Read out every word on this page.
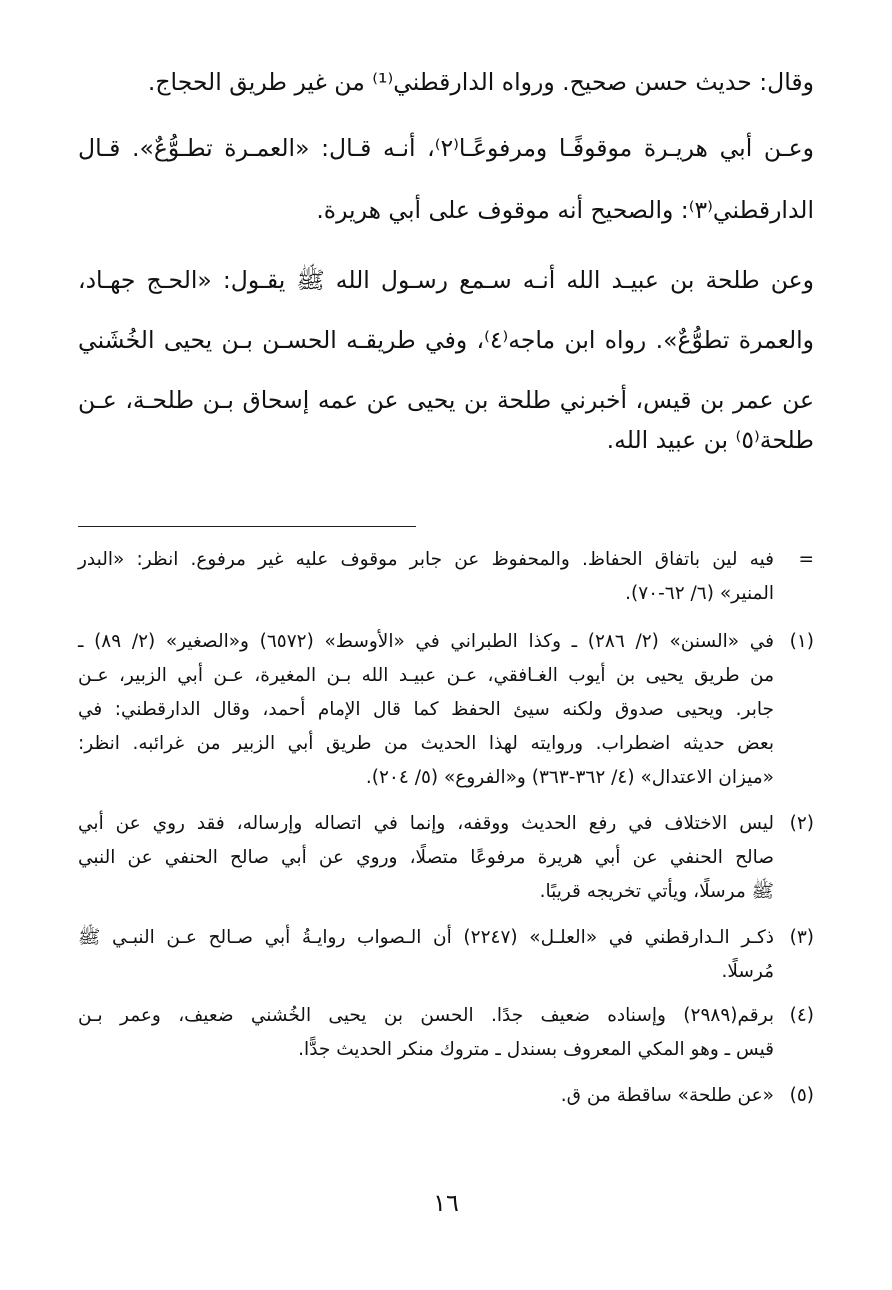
وقال: حديث حسن صحيح. ورواه الدارقطني⁽¹⁾ من غير طريق الحجاج.
وعـن أبي هريـرة موقوفًـا ومرفوعًـا⁽٢⁾، أنـه قـال: «العمـرة تطـوُّعٌ». قـال
الدارقطني⁽٣⁾: والصحيح أنه موقوف على أبي هريرة.
وعن طلحة بن عبيـد الله أنـه سـمع رسـول الله ﷺ يقـول: «الحـج جهـاد،
والعمرة تطوُّعٌ». رواه ابن ماجه⁽٤⁾، وفي طريقـه الحسـن بـن يحيى الخُشَني
عن عمر بن قيس، أخبرني طلحة بن يحيى عن عمه إسحاق بـن طلحـة، عـن
طلحة⁽٥⁾ بن عبيد الله.
=
فيه لين باتفاق الحفاظ. والمحفوظ عن جابر موقوف عليه غير مرفوع. انظر: «البدر
المنير» (٦/ ٦٢-٧٠).
(١)
في «السنن» (٢/ ٢٨٦) ـ وكذا الطبراني في «الأوسط» (٦٥٧٢) و«الصغير» (٢/ ٨٩) ـ
من طريق يحيى بن أيوب الغـافقي، عـن عبيـد الله بـن المغيرة، عـن أبي الزبير، عـن
جابر. ويحيى صدوق ولكنه سيئ الحفظ كما قال الإمام أحمد، وقال الدارقطني: في
بعض حديثه اضطراب. وروايته لهذا الحديث من طريق أبي الزبير من غرائبه. انظر:
«ميزان الاعتدال» (٤/ ٣٦٢-٣٦٣) و«الفروع» (٥/ ٢٠٤).
(٢)
ليس الاختلاف في رفع الحديث ووقفه، وإنما في اتصاله وإرساله، فقد روي عن أبي
صالح الحنفي عن أبي هريرة مرفوعًا متصلًا، وروي عن أبي صالح الحنفي عن النبي
ﷺ مرسلًا، ويأتي تخريجه قريبًا.
(٣)
ذكـر الـدارقطني في «العلـل» (٢٢٤٧) أن الـصواب روايـةُ أبي صـالح عـن النبـي ﷺ
مُرسلًا.
(٤)
برقم(٢٩٨٩) وإسناده ضعيف جدًا. الحسن بن يحيى الخُشني ضعيف، وعمر بـن
قيس ـ وهو المكي المعروف بسندل ـ متروك منكر الحديث جدًّا.
(٥)
«عن طلحة» ساقطة من ق.
١٦
